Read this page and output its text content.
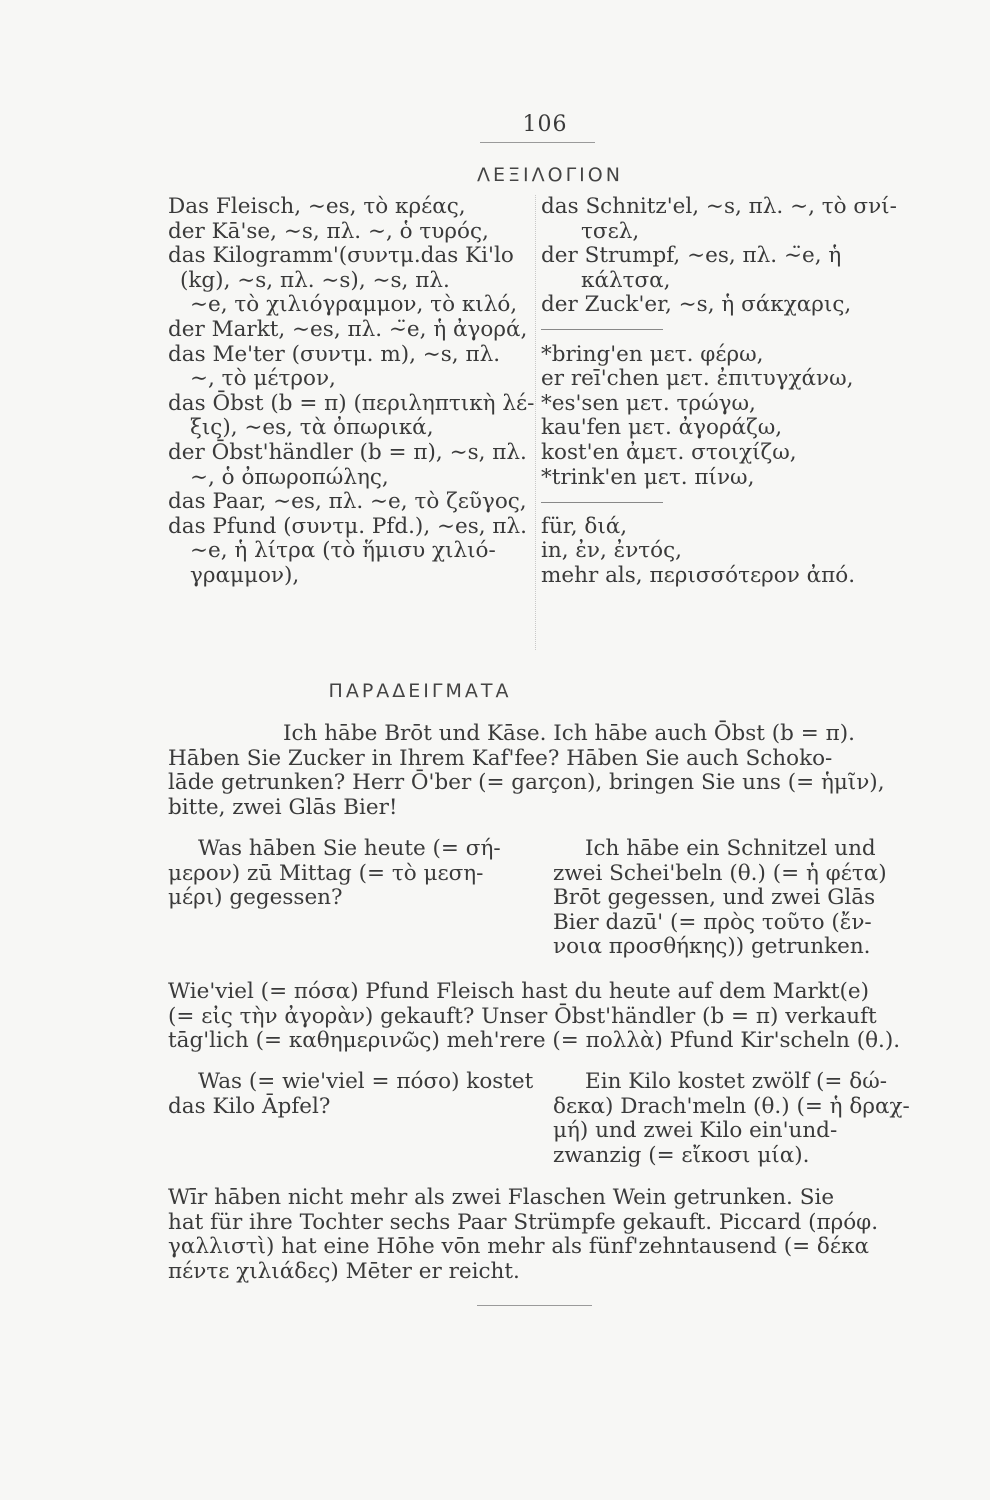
106
ΛΕΞΙΛΟΓΙΟΝ
Das Fleisch, ∼es, τὸ κρέας,
der Kā'se, ∼s, πλ. ∼, ὁ τυρός,
das Kilogramm'(συντμ.das Ki'lo
(kg), ∼s, πλ. ∼s), ∼s, πλ.
∼e, τὸ χιλιόγραμμον, τὸ κιλό,
der Markt, ∼es, πλ. ∼̈e, ἡ ἀγορά,
das Me'ter (συντμ. m), ∼s, πλ.
∼, τὸ μέτρον,
das Ōbst (b = π) (περιληπτικὴ λέ-
ξις), ∼es, τὰ ὀπωρικά,
der Ōbst'händler (b = π), ∼s, πλ.
∼, ὁ ὀπωροπώλης,
das Paar, ∼es, πλ. ∼e, τὸ ζεῦγος,
das Pfund (συντμ. Pfd.), ∼es, πλ.
∼e, ἡ λίτρα (τὸ ἥμισυ χιλιό-
γραμμον),
das Schnitz'el, ∼s, πλ. ∼, τὸ σνί-
τσελ,
der Strumpf, ∼es, πλ. ∼̈e, ἡ
κάλτσα,
der Zuck'er, ∼s, ἡ σάκχαρις,
*bring'en μετ. φέρω,
er reī'chen μετ. ἐπιτυγχάνω,
*es'sen μετ. τρώγω,
kau'fen μετ. ἀγοράζω,
kost'en ἀμετ. στοιχίζω,
*trink'en μετ. πίνω,
für, διά,
in, ἐν, ἐντός,
mehr als, περισσότερον ἀπό.
ΠΑΡΑΔΕΙΓΜΑΤΑ
Ich hābe Brōt und Kāse. Ich hābe auch Ōbst (b = π).
Hāben Sie Zucker in Ihrem Kaf'fee? Hāben Sie auch Schoko-
lāde getrunken? Herr Ō'ber (= garçon), bringen Sie uns (= ἡμῖν),
bitte, zwei Glās Bier!
Was hāben Sie heute (= σή-
μερον) zū Mittag (= τὸ μεση-
μέρι) gegessen?
Ich hābe ein Schnitzel und
zwei Schei'beln (θ.) (= ἡ φέτα)
Brōt gegessen, und zwei Glās
Bier dazū' (= πρὸς τοῦτο (ἔν-
νοια προσθήκης)) getrunken.
Wie'viel (= πόσα) Pfund Fleisch hast du heute auf dem Markt(e)
(= εἰς τὴν ἀγορὰν) gekauft? Unser Ōbst'händler (b = π) verkauft
tāg'lich (= καθημερινῶς) meh'rere (= πολλὰ) Pfund Kir'scheln (θ.).
Was (= wie'viel = πόσο) kostet
das Kilo Āpfel?
Ein Kilo kostet zwölf (= δώ-
δεκα) Drach'meln (θ.) (= ἡ δραχ-
μή) und zwei Kilo ein'und-
zwanzig (= εἴκοσι μία).
Wīr hāben nicht mehr als zwei Flaschen Wein getrunken. Sie
hat für ihre Tochter sechs Paar Strümpfe gekauft. Piccard (πρόφ.
γαλλιστὶ) hat eine Hōhe vōn mehr als fünf'zehntausend (= δέκα
πέντε χιλιάδες) Mēter er reicht.
